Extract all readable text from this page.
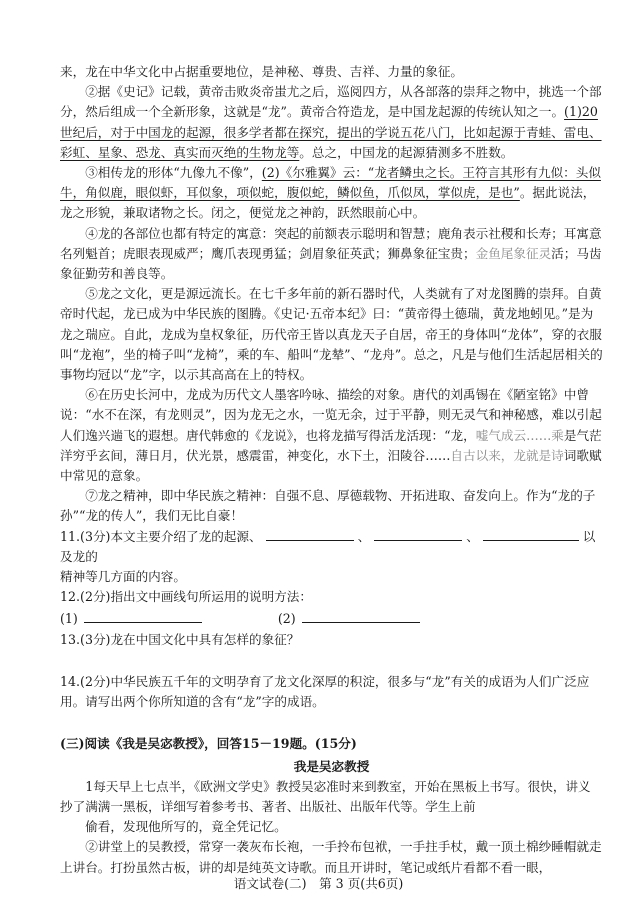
来，龙在中华文化中占据重要地位，是神秘、尊贵、吉祥、力量的象征。

②据《史记》记载，黄帝击败炎帝蚩尤之后，巡阅四方，从各部落的崇拜之物中，挑选一个部分，然后组成一个全新形象，这就是“龙”。黄帝合符造龙，是中国龙起源的传统认知之一。(1)20世纪后，对于中国龙的起源，很多学者都在探究，提出的学说五花八门，比如起源于青蛙、雷电、彩虹、星象、恐龙、真实而灭绝的生物龙等。总之，中国龙的起源猜测多不胜数。

③相传龙的形体“九像九不像”，(2)《尔雅翼》云：“龙者鳞虫之长。王符言其形有九似：头似牛，角似鹿，眼似虾，耳似象，项似蛇，腹似蛇，鳞似鱼，爪似凤，掌似虎，是也”。据此说法，龙之形貌，兼取诸物之长。闭之，便觉龙之神韵，跃然眼前心中。

④龙的各部位也都有特定的寓意：突起的前额表示聪明和智慧；鹿角表示社稷和长寿；耳寓意名列魁首；虎眼表现威严；鹰爪表现勇猛；剑眉象征英武；狮鼻象征宝贵；金鱼尾象征灵活；马齿象征勤劳和善良等。

⑤龙之文化，更是源远流长。在七千多年前的新石器时代，人类就有了对龙图腾的崇拜。自黄帝时代起，龙已成为中华民族的图腾。《史记·五帝本纪》曰：“黄帝得土德瑞，黄龙地蚓见。”是为龙之瑞应。自此，龙成为皇权象征，历代帝王皆以真龙天子自居，帝王的身体叫“龙体”，穿的衣服叫“龙袍”，坐的椅子叫“龙椅”，乘的车、船叫“龙辇”、“龙舟”。总之，凡是与他们生活起居相关的事物均冠以“龙”字，以示其高高在上的特权。

⑥在历史长河中，龙成为历代文人墨客吟咏、描绘的对象。唐代的刘禹锡在《陋室铭》中曾说：“水不在深，有龙则灵”，因为龙无之水，一览无余，过于平静，则无灵气和神秘感，难以引起人们逸兴遄飞的遐想。唐代韩愈的《龙说》，也将龙描写得活龙活现：“龙，嘘气成云……乘是气茫洋穷乎玄间，薄日月，伏光景，感震雷，神变化，水下土，汨陵谷……自古以来，龙就是诗词歌赋中常见的意象。

⑦龙之精神，即中华民族之精神：自强不息、厚德载物、开拓进取、奋发向上。作为“龙的子孙”“龙的传人”，我们无比自豪！

11.(3分)本文主要介绍了龙的起源、	、	、	以及龙的
精神等几方面的内容。

12.(2分)指出文中画线句所运用的说明方法：

(1)	(2)

13.(3分)龙在中国文化中具有怎样的象征？

14.(2分)中华民族五千年的文明孕育了龙文化深厚的积淀，很多与“龙”有关的成语为人们广泛应用。请写出两个你所知道的含有“龙”字的成语。

(三)阅读《我是吴宓教授》，回答15－19题。(15分)

我是吴宓教授

1每天早上七点半，《欧洲文学史》教授吴宓准时来到教室，开始在黑板上书写。很快，讲义抄了满满一黑板，详细写着参考书、著者、出版社、出版年代等。学生上前

偷看，发现他所写的，竟全凭记忆。

②讲堂上的吴教授，常穿一袭灰布长袍，一手拎布包袱，一手拄手杖，戴一顶土棉纱睡帽就走上讲台。打扮虽然古板，讲的却是纯英文诗歌。而且开讲时，笔记或纸片看都不看一眼，

语文试卷(二)　第 3 页(共6页)
